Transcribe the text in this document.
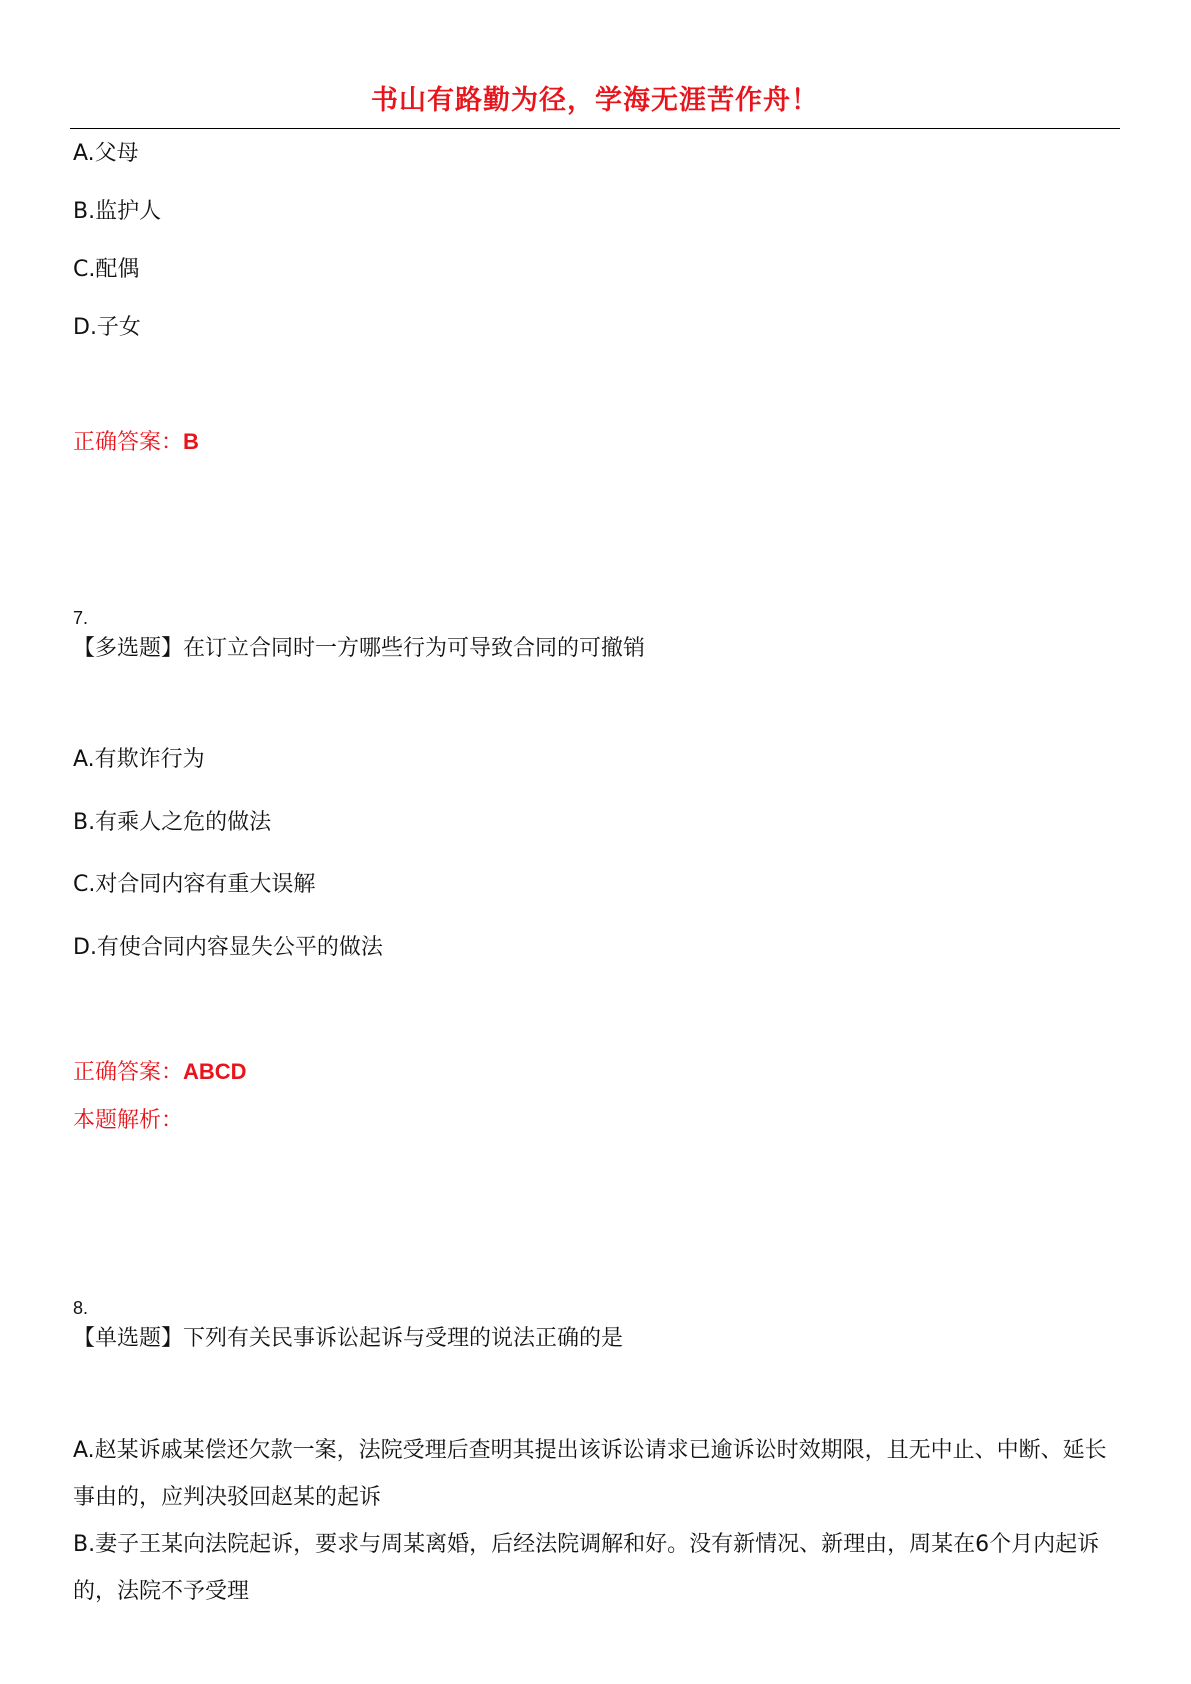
书山有路勤为径，学海无涯苦作舟！
A.父母
B.监护人
C.配偶
D.子女
正确答案：B
7.
【多选题】在订立合同时一方哪些行为可导致合同的可撤销
A.有欺诈行为
B.有乘人之危的做法
C.对合同内容有重大误解
D.有使合同内容显失公平的做法
正确答案：ABCD
本题解析：
8.
【单选题】下列有关民事诉讼起诉与受理的说法正确的是
A.赵某诉戚某偿还欠款一案，法院受理后查明其提出该诉讼请求已逾诉讼时效期限，且无中止、中断、延长事由的，应判决驳回赵某的起诉
B.妻子王某向法院起诉，要求与周某离婚，后经法院调解和好。没有新情况、新理由，周某在6个月内起诉的，法院不予受理
